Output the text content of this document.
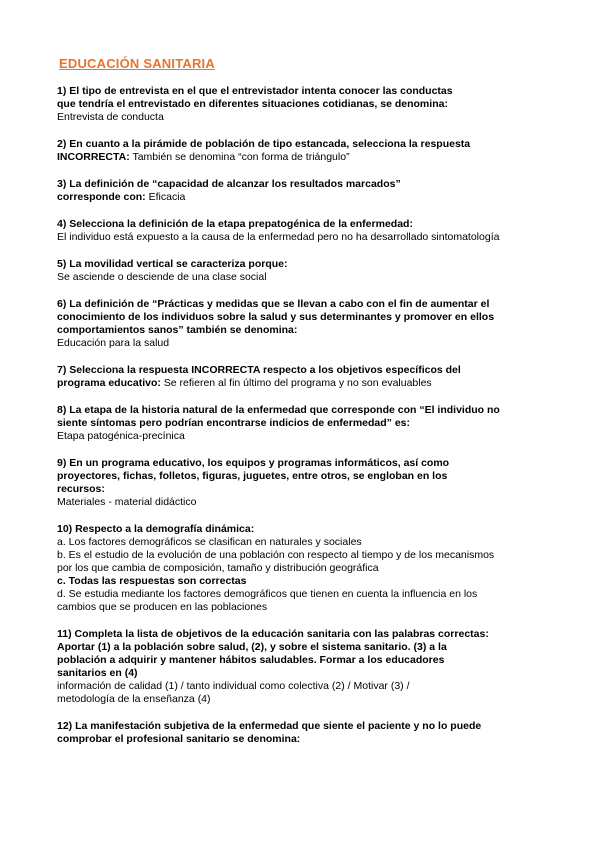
EDUCACIÓN SANITARIA
1) El tipo de entrevista en el que el entrevistador intenta conocer las conductas
que tendría el entrevistado en diferentes situaciones cotidianas, se denomina:
Entrevista de conducta
2) En cuanto a la pirámide de población de tipo estancada, selecciona la respuesta
INCORRECTA: También se denomina “con forma de triángulo”
3) La definición de “capacidad de alcanzar los resultados marcados”
corresponde con: Eficacia
4) Selecciona la definición de la etapa prepatogénica de la enfermedad:
El individuo está expuesto a la causa de la enfermedad pero no ha desarrollado sintomatología
5) La movilidad vertical se caracteriza porque:
Se asciende o desciende de una clase social
6) La definición de “Prácticas y medidas que se llevan a cabo con el fin de aumentar el
conocimiento de los individuos sobre la salud y sus determinantes y promover en ellos
comportamientos sanos” también se denomina:
Educación para la salud
7) Selecciona la respuesta INCORRECTA respecto a los objetivos específicos del
programa educativo: Se refieren al fin último del programa y no son evaluables
8) La etapa de la historia natural de la enfermedad que corresponde con “El individuo no
siente síntomas pero podrían encontrarse indicios de enfermedad” es:
Etapa patogénica-precínica
9) En un programa educativo, los equipos y programas informáticos, así como
proyectores, fichas, folletos, figuras, juguetes, entre otros, se engloban en los
recursos:
Materiales - material didáctico
10) Respecto a la demografía dinámica:
a. Los factores demográficos se clasifican en naturales y sociales
b. Es el estudio de la evolución de una población con respecto al tiempo y de los mecanismos
por los que cambia de composición, tamaño y distribución geográfica
c. Todas las respuestas son correctas
d. Se estudia mediante los factores demográficos que tienen en cuenta la influencia en los
cambios que se producen en las poblaciones
11) Completa la lista de objetivos de la educación sanitaria con las palabras correctas:
Aportar (1) a la población sobre salud, (2), y sobre el sistema sanitario. (3) a la
población a adquirir y mantener hábitos saludables. Formar a los educadores
sanitarios en (4)
información de calidad (1) / tanto individual como colectiva (2) / Motivar (3) /
metodología de la enseñanza (4)
12) La manifestación subjetiva de la enfermedad que siente el paciente y no lo puede
comprobar el profesional sanitario se denomina:
